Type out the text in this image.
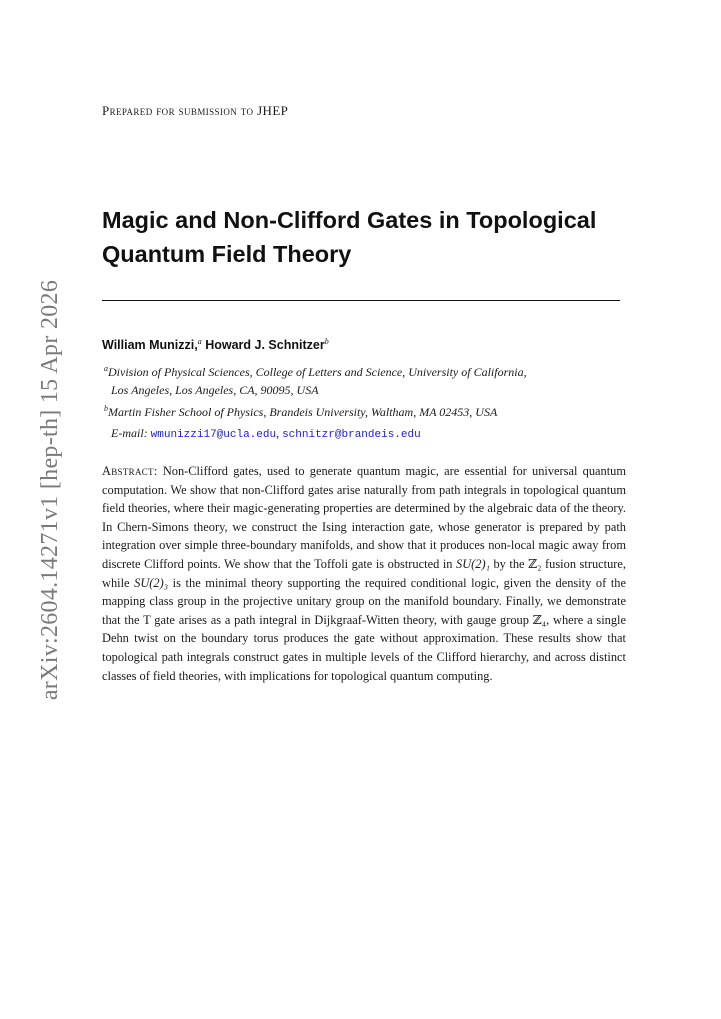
arXiv:2604.14271v1 [hep-th] 15 Apr 2026
Prepared for submission to JHEP
Magic and Non-Clifford Gates in Topological
Quantum Field Theory
William Munizzi,$^a$ Howard J. Schnitzer$^b$
$^a$Division of Physical Sciences, College of Letters and Science, University of California,
Los Angeles, Los Angeles, CA, 90095, USA
$^b$Martin Fisher School of Physics, Brandeis University, Waltham, MA 02453, USA
E-mail: wmunizzi17@ucla.edu, schnitzr@brandeis.edu

Abstract: Non-Clifford gates, used to generate quantum magic, are essential for universal quantum computation. We show that non-Clifford gates arise naturally from path integrals in topological quantum field theories, where their magic-generating properties are determined by the algebraic data of the theory. In Chern-Simons theory, we construct the Ising interaction gate, whose generator is prepared by path integration over simple three-boundary manifolds, and show that it produces non-local magic away from discrete Clifford points. We show that the Toffoli gate is obstructed in SU(2)₁ by the ℤ₂ fusion structure, while SU(2)₃ is the minimal theory supporting the required conditional logic, given the density of the mapping class group in the projective unitary group on the manifold boundary. Finally, we demonstrate that the T gate arises as a path integral in Dijkgraaf-Witten theory, with gauge group ℤ₄, where a single Dehn twist on the boundary torus produces the gate without approximation. These results show that topological path integrals construct gates in multiple levels of the Clifford hierarchy, and across distinct classes of field theories, with implications for topological quantum computing.
